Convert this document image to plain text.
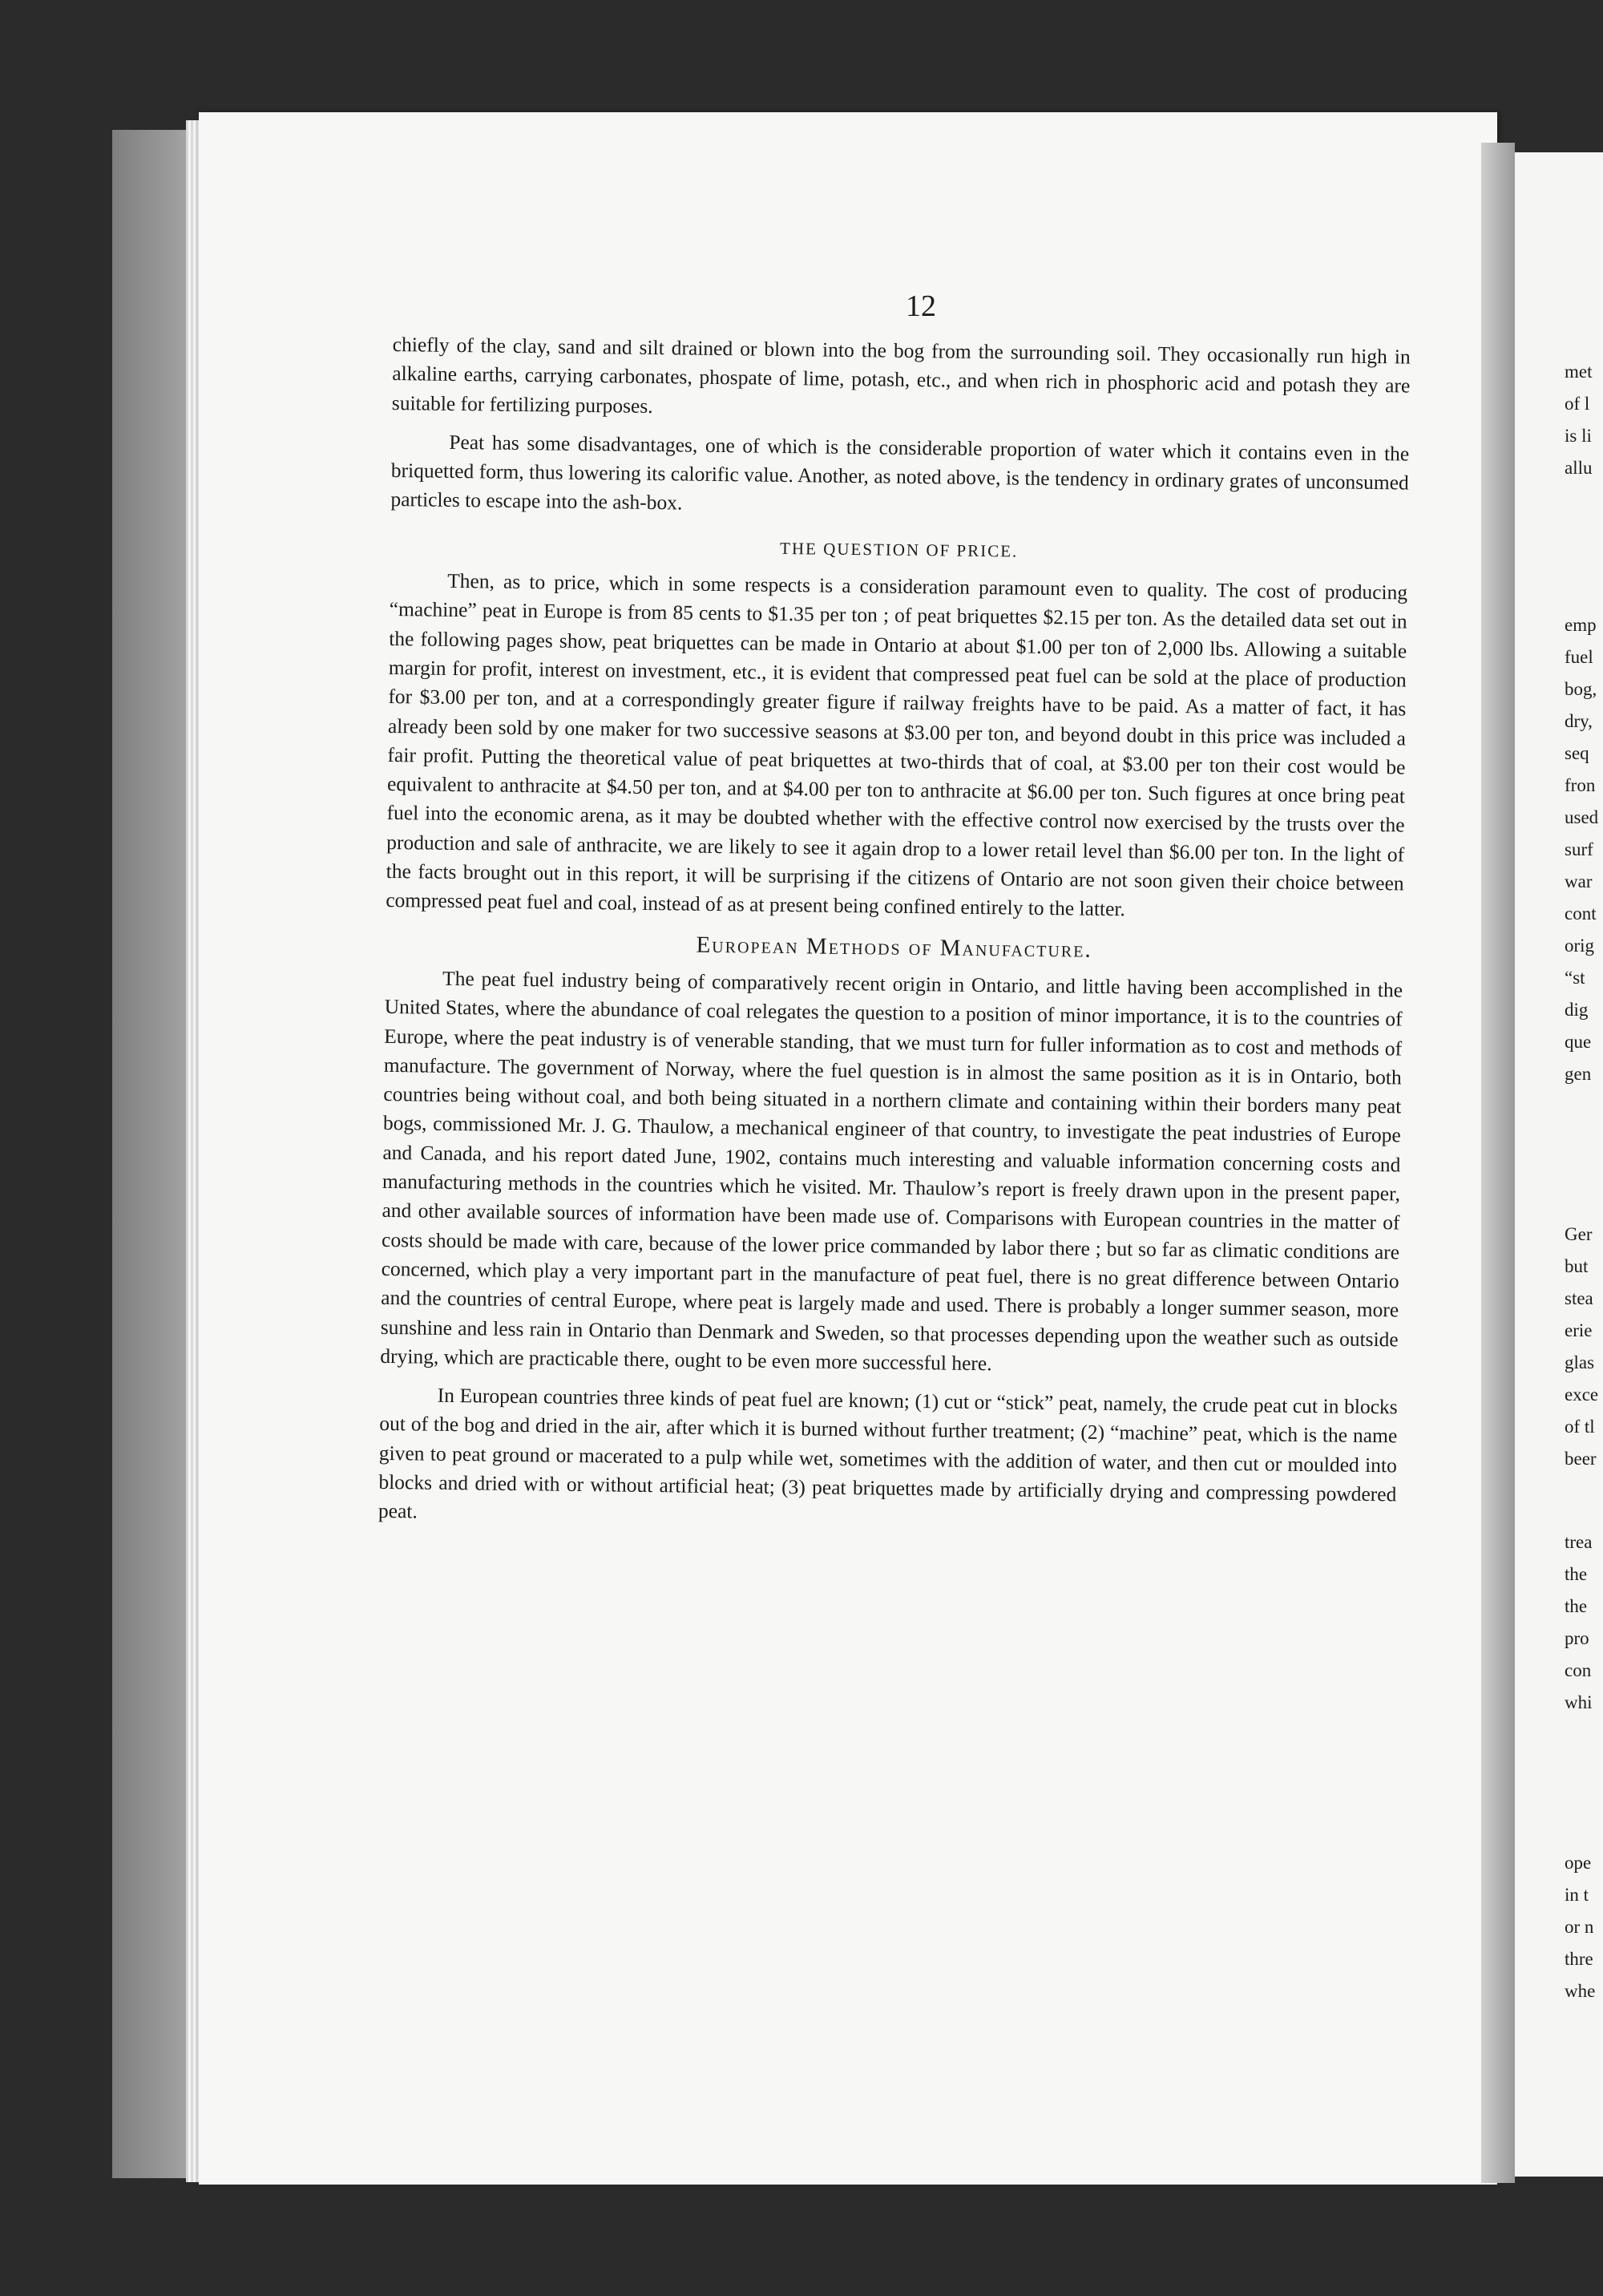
12

chiefly of the clay, sand and silt drained or blown into the bog from the surrounding soil. They occasionally run high in alkaline earths, carrying carbonates, phospate of lime, potash, etc., and when rich in phosphoric acid and potash they are suitable for fertilizing purposes.

Peat has some disadvantages, one of which is the considerable proportion of water which it contains even in the briquetted form, thus lowering its calorific value. Another, as noted above, is the tendency in ordinary grates of unconsumed particles to escape into the ash-box.

THE QUESTION OF PRICE.

Then, as to price, which in some respects is a consideration paramount even to quality. The cost of producing “machine” peat in Europe is from 85 cents to $1.35 per ton ; of peat briquettes $2.15 per ton. As the detailed data set out in the following pages show, peat briquettes can be made in Ontario at about $1.00 per ton of 2,000 lbs. Allowing a suitable margin for profit, interest on investment, etc., it is evident that compressed peat fuel can be sold at the place of production for $3.00 per ton, and at a correspondingly greater figure if railway freights have to be paid. As a matter of fact, it has already been sold by one maker for two successive seasons at $3.00 per ton, and beyond doubt in this price was included a fair profit. Putting the theoretical value of peat briquettes at two-thirds that of coal, at $3.00 per ton their cost would be equivalent to anthracite at $4.50 per ton, and at $4.00 per ton to anthracite at $6.00 per ton. Such figures at once bring peat fuel into the economic arena, as it may be doubted whether with the effective control now exercised by the trusts over the production and sale of anthracite, we are likely to see it again drop to a lower retail level than $6.00 per ton. In the light of the facts brought out in this report, it will be surprising if the citizens of Ontario are not soon given their choice between compressed peat fuel and coal, instead of as at present being confined entirely to the latter.

European Methods of Manufacture.

The peat fuel industry being of comparatively recent origin in Ontario, and little having been accomplished in the United States, where the abundance of coal relegates the question to a position of minor importance, it is to the countries of Europe, where the peat industry is of venerable standing, that we must turn for fuller information as to cost and methods of manufacture. The government of Norway, where the fuel question is in almost the same position as it is in Ontario, both countries being without coal, and both being situated in a northern climate and containing within their borders many peat bogs, commissioned Mr. J. G. Thaulow, a mechanical engineer of that country, to investigate the peat industries of Europe and Canada, and his report dated June, 1902, contains much interesting and valuable information concerning costs and manufacturing methods in the countries which he visited. Mr. Thaulow’s report is freely drawn upon in the present paper, and other available sources of information have been made use of. Comparisons with European countries in the matter of costs should be made with care, because of the lower price commanded by labor there ; but so far as climatic conditions are concerned, which play a very important part in the manufacture of peat fuel, there is no great difference between Ontario and the countries of central Europe, where peat is largely made and used. There is probably a longer summer season, more sunshine and less rain in Ontario than Denmark and Sweden, so that processes depending upon the weather such as outside drying, which are practicable there, ought to be even more successful here.

In European countries three kinds of peat fuel are known; (1) cut or “stick” peat, namely, the crude peat cut in blocks out of the bog and dried in the air, after which it is burned without further treatment; (2) “machine” peat, which is the name given to peat ground or macerated to a pulp while wet, sometimes with the addition of water, and then cut or moulded into blocks and dried with or without artificial heat; (3) peat briquettes made by artificially drying and compressing powdered peat.

met
of l
is li
allu
emp
fuel
bog,
dry,
seq
fron
used
surf
war
cont
orig
“st
dig
que
gen
Ger
but
stea
erie
glas
exce
of tl
beer
trea
the
the
pro
con
whi
ope
in t
or n
thre
whe
